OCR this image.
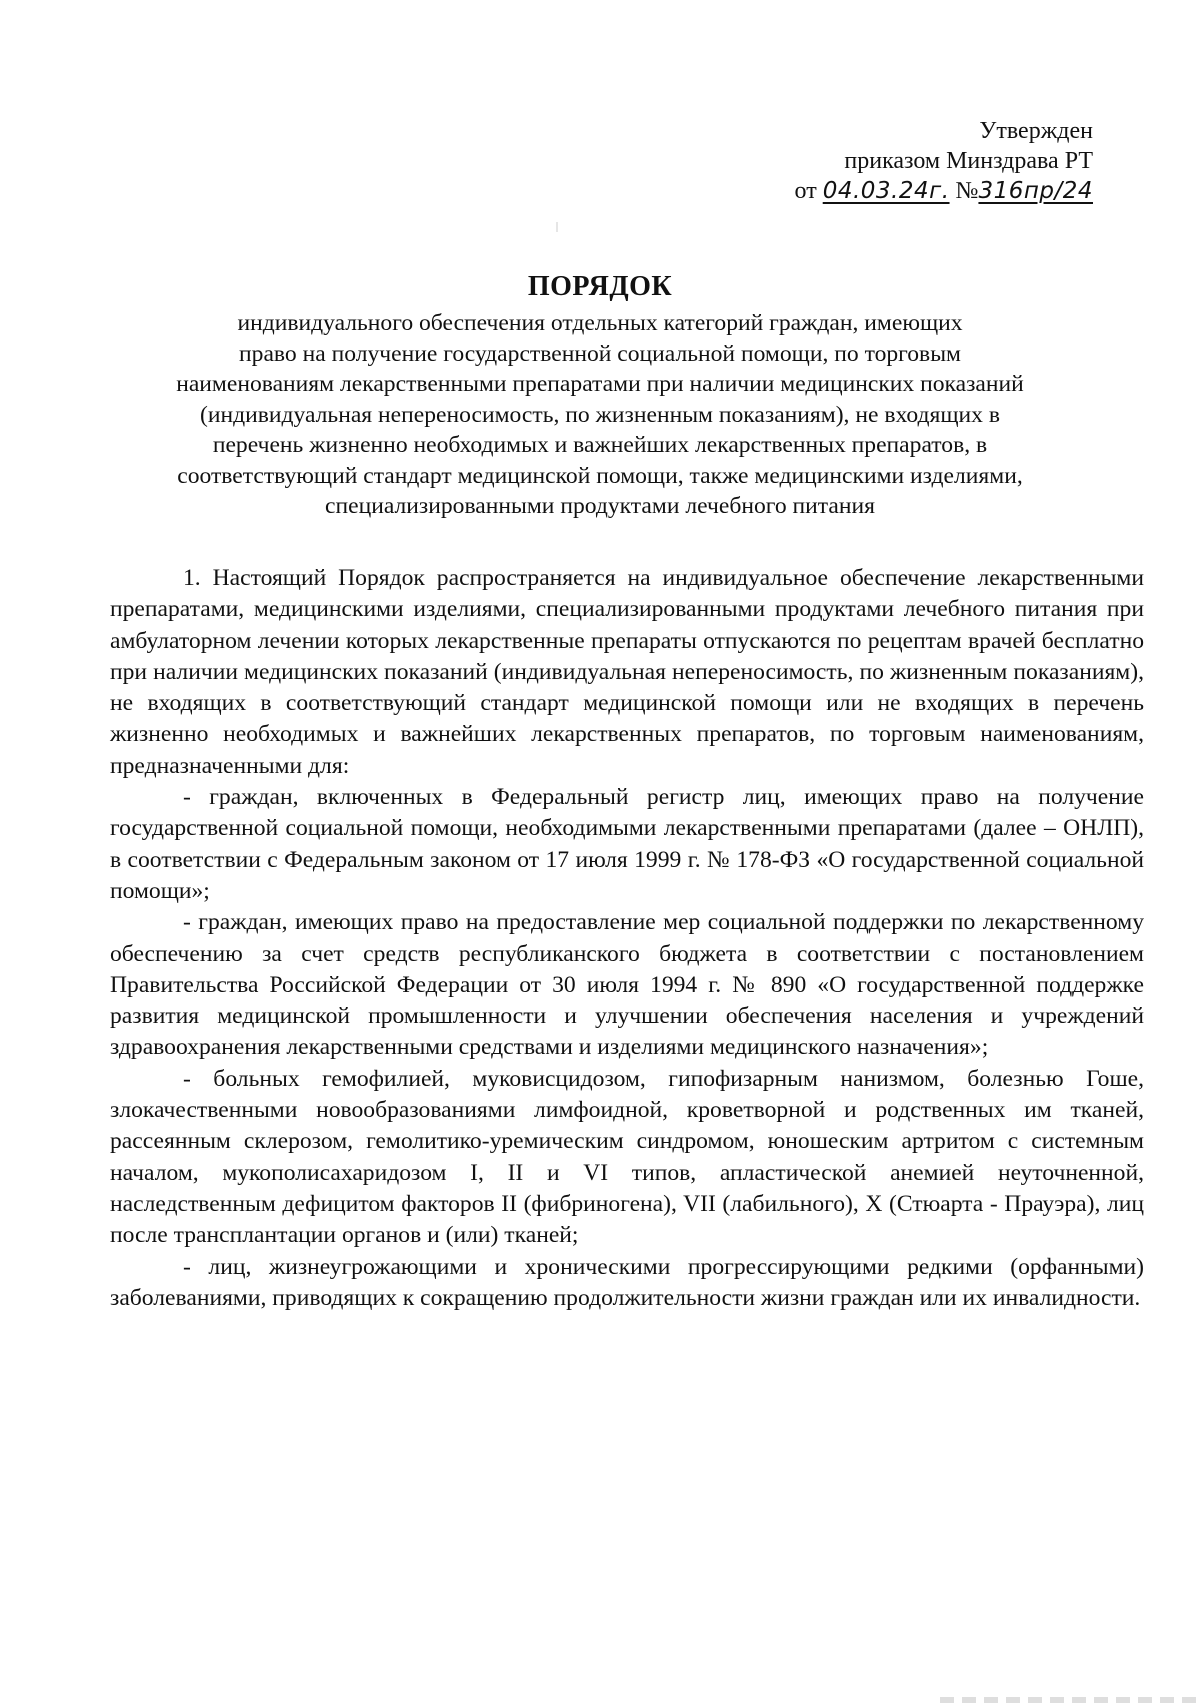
Утвержден
приказом Минздрава РТ
от 04.03.24г. №316пр/24
ПОРЯДОК
индивидуального обеспечения отдельных категорий граждан, имеющих
право на получение государственной социальной помощи, по торговым
наименованиям лекарственными препаратами при наличии медицинских показаний
(индивидуальная непереносимость, по жизненным показаниям), не входящих в
перечень жизненно необходимых и важнейших лекарственных препаратов, в
соответствующий стандарт медицинской помощи, также медицинскими изделиями,
специализированными продуктами лечебного питания

1. Настоящий Порядок распространяется на индивидуальное обеспечение лекарственными препаратами, медицинскими изделиями, специализированными продуктами лечебного питания при амбулаторном лечении которых лекарственные препараты отпускаются по рецептам врачей бесплатно при наличии медицинских показаний (индивидуальная непереносимость, по жизненным показаниям), не входящих в соответствующий стандарт медицинской помощи или не входящих в перечень жизненно необходимых и важнейших лекарственных препаратов, по торговым наименованиям, предназначенными для:

- граждан, включенных в Федеральный регистр лиц, имеющих право на получение государственной социальной помощи, необходимыми лекарственными препаратами (далее – ОНЛП), в соответствии с Федеральным законом от 17 июля 1999 г. № 178-ФЗ «О государственной социальной помощи»;

- граждан, имеющих право на предоставление мер социальной поддержки по лекарственному обеспечению за счет средств республиканского бюджета в соответствии с постановлением Правительства Российской Федерации от 30 июля 1994 г. № 890 «О государственной поддержке развития медицинской промышленности и улучшении обеспечения населения и учреждений здравоохранения лекарственными средствами и изделиями медицинского назначения»;

- больных гемофилией, муковисцидозом, гипофизарным нанизмом, болезнью Гоше, злокачественными новообразованиями лимфоидной, кроветворной и родственных им тканей, рассеянным склерозом, гемолитико-уремическим синдромом, юношеским артритом с системным началом, мукополисахаридозом I, II и VI типов, апластической анемией неуточненной, наследственным дефицитом факторов II (фибриногена), VII (лабильного), X (Стюарта - Прауэра), лиц после трансплантации органов и (или) тканей;

- лиц, жизнеугрожающими и хроническими прогрессирующими редкими (орфанными) заболеваниями, приводящих к сокращению продолжительности жизни граждан или их инвалидности.
